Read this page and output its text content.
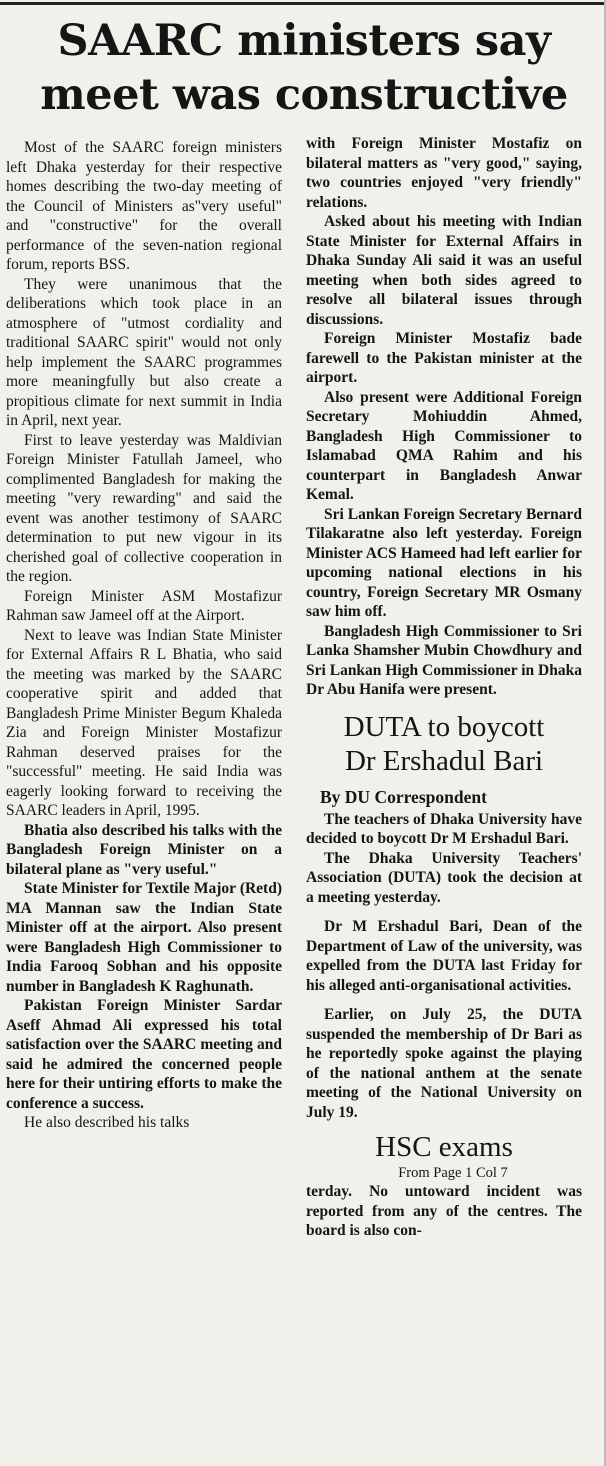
SAARC ministers say
meet was constructive

Most of the SAARC foreign ministers left Dhaka yesterday for their respective homes describing the two-day meeting of the Council of Ministers as"very useful" and "constructive" for the overall performance of the seven-nation regional forum, reports BSS.

They were unanimous that the deliberations which took place in an atmosphere of "utmost cordiality and traditional SAARC spirit" would not only help implement the SAARC programmes more meaningfully but also create a propitious climate for next summit in India in April, next year.

First to leave yesterday was Maldivian Foreign Minister Fatullah Jameel, who complimented Bangladesh for making the meeting "very rewarding" and said the event was another testimony of SAARC determination to put new vigour in its cherished goal of collective cooperation in the region.

Foreign Minister ASM Mostafizur Rahman saw Jameel off at the Airport.

Next to leave was Indian State Minister for External Affairs R L Bhatia, who said the meeting was marked by the SAARC cooperative spirit and added that Bangladesh Prime Minister Begum Khaleda Zia and Foreign Minister Mostafizur Rahman deserved praises for the "successful" meeting. He said India was eagerly looking forward to receiving the SAARC leaders in April, 1995.

Bhatia also described his talks with the Bangladesh Foreign Minister on a bilateral plane as "very useful."

State Minister for Textile Major (Retd) MA Mannan saw the Indian State Minister off at the airport. Also present were Bangladesh High Commissioner to India Farooq Sobhan and his opposite number in Bangladesh K Raghunath.

Pakistan Foreign Minister Sardar Aseff Ahmad Ali expressed his total satisfaction over the SAARC meeting and said he admired the concerned people here for their untiring efforts to make the conference a success.

He also described his talks

with Foreign Minister Mostafiz on bilateral matters as "very good," saying, two countries enjoyed "very friendly" relations.

Asked about his meeting with Indian State Minister for External Affairs in Dhaka Sunday Ali said it was an useful meeting when both sides agreed to resolve all bilateral issues through discussions.

Foreign Minister Mostafiz bade farewell to the Pakistan minister at the airport.

Also present were Additional Foreign Secretary Mohiuddin Ahmed, Bangladesh High Commissioner to Islamabad QMA Rahim and his counterpart in Bangladesh Anwar Kemal.

Sri Lankan Foreign Secretary Bernard Tilakaratne also left yesterday. Foreign Minister ACS Hameed had left earlier for upcoming national elections in his country, Foreign Secretary MR Osmany saw him off.

Bangladesh High Commissioner to Sri Lanka Shamsher Mubin Chowdhury and Sri Lankan High Commissioner in Dhaka Dr Abu Hanifa were present.

DUTA to boycott
Dr Ershadul Bari
By DU Correspondent

The teachers of Dhaka University have decided to boycott Dr M Ershadul Bari.

The Dhaka University Teachers' Association (DUTA) took the decision at a meeting yesterday.

Dr M Ershadul Bari, Dean of the Department of Law of the university, was expelled from the DUTA last Friday for his alleged anti-organisational activities.

Earlier, on July 25, the DUTA suspended the membership of Dr Bari as he reportedly spoke against the playing of the national anthem at the senate meeting of the National University on July 19.

HSC exams

From Page 1 Col 7

terday. No untoward incident was reported from any of the centres. The board is also con-
